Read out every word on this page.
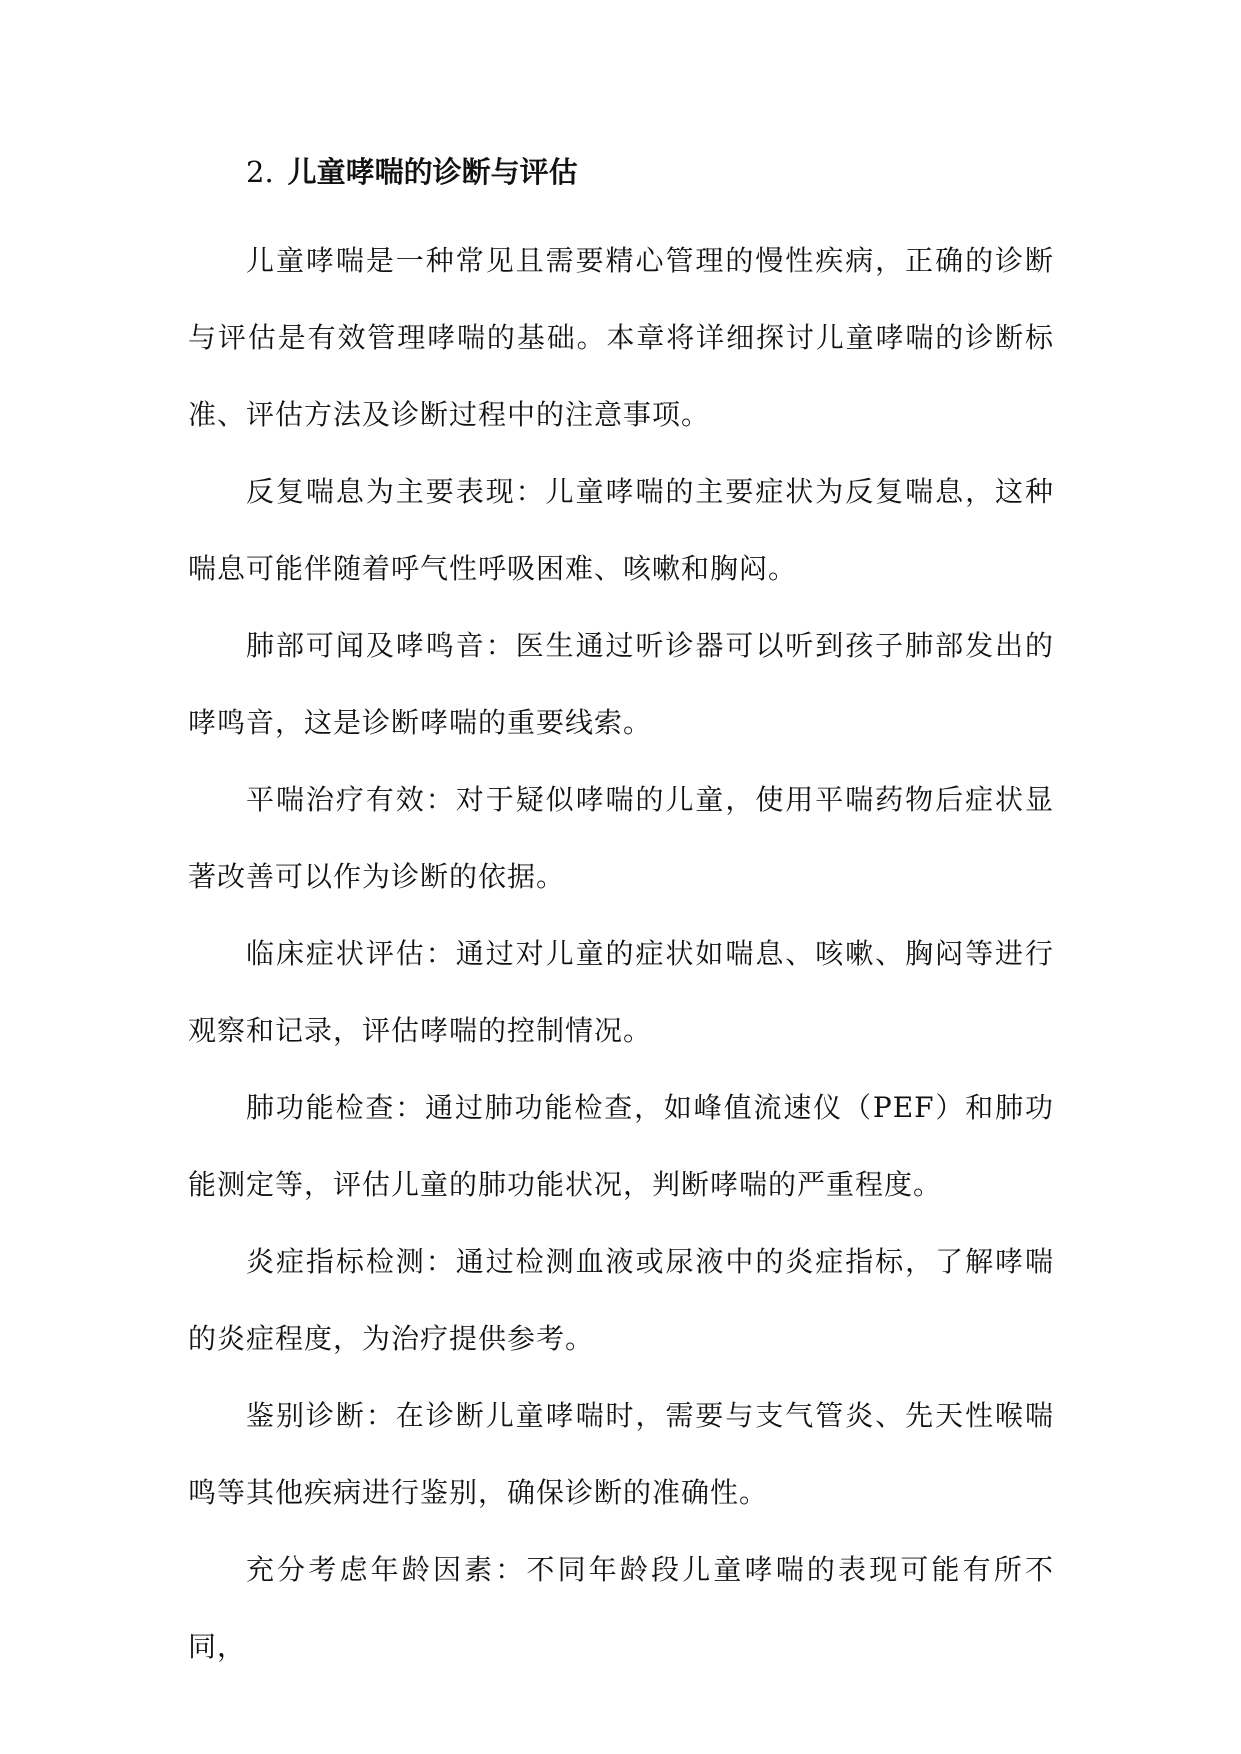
2. 儿童哮喘的诊断与评估

儿童哮喘是一种常见且需要精心管理的慢性疾病，正确的诊断与评估是有效管理哮喘的基础。本章将详细探讨儿童哮喘的诊断标准、评估方法及诊断过程中的注意事项。

反复喘息为主要表现：儿童哮喘的主要症状为反复喘息，这种喘息可能伴随着呼气性呼吸困难、咳嗽和胸闷。

肺部可闻及哮鸣音：医生通过听诊器可以听到孩子肺部发出的哮鸣音，这是诊断哮喘的重要线索。

平喘治疗有效：对于疑似哮喘的儿童，使用平喘药物后症状显著改善可以作为诊断的依据。

临床症状评估：通过对儿童的症状如喘息、咳嗽、胸闷等进行观察和记录，评估哮喘的控制情况。

肺功能检查：通过肺功能检查，如峰值流速仪（PEF）和肺功能测定等，评估儿童的肺功能状况，判断哮喘的严重程度。

炎症指标检测：通过检测血液或尿液中的炎症指标，了解哮喘的炎症程度，为治疗提供参考。

鉴别诊断：在诊断儿童哮喘时，需要与支气管炎、先天性喉喘鸣等其他疾病进行鉴别，确保诊断的准确性。

充分考虑年龄因素：不同年龄段儿童哮喘的表现可能有所不同，
